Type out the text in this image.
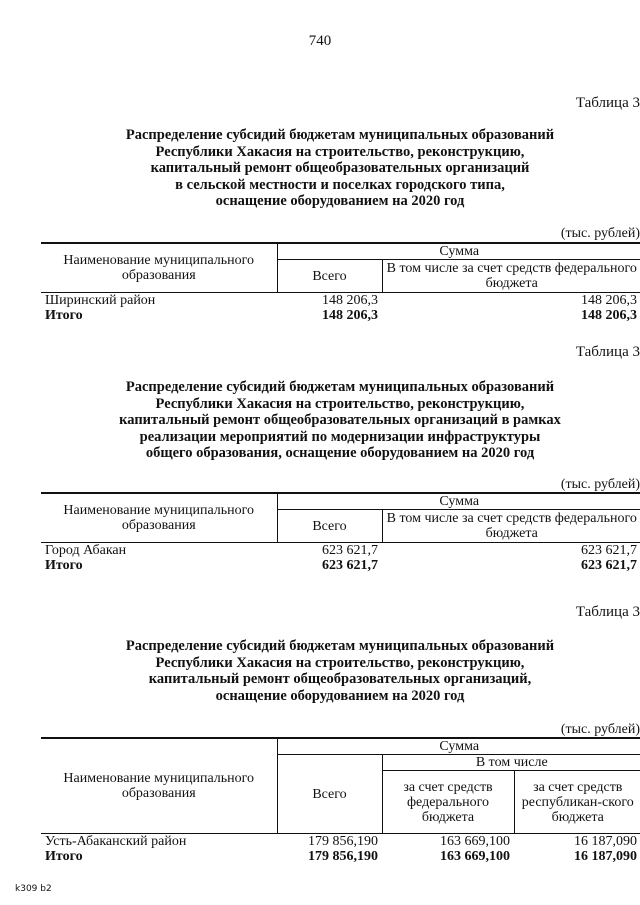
740
Таблица 3
Распределение субсидий бюджетам муниципальных образований
Республики Хакасия на строительство, реконструкцию,
капитальный ремонт общеобразовательных организаций
в сельской местности и поселках городского типа,
оснащение оборудованием на 2020 год
(тыс. рублей)
Наименование муниципального образования	Сумма	
	Всего	В том числе за счет средств федерального бюджета
Ширинский район	148 206,3	148 206,3
Итого	148 206,3	148 206,3
Таблица 3
Распределение субсидий бюджетам муниципальных образований
Республики Хакасия на строительство, реконструкцию,
капитальный ремонт общеобразовательных организаций в рамках
реализации мероприятий по модернизации инфраструктуры
общего образования, оснащение оборудованием на 2020 год
(тыс. рублей)
Наименование муниципального образования	Сумма	
	Всего	В том числе за счет средств федерального бюджета
Город Абакан	623 621,7	623 621,7
Итого	623 621,7	623 621,7
Таблица 3
Распределение субсидий бюджетам муниципальных образований
Республики Хакасия на строительство, реконструкцию,
капитальный ремонт общеобразовательных организаций,
оснащение оборудованием на 2020 год
(тыс. рублей)
Наименование муниципального образования	Сумма		
	Всего	В том числе	
		за счет средств федерального бюджета	за счет средств республикан-ского бюджета
Усть-Абаканский район	179 856,190	163 669,100	16 187,090
Итого	179 856,190	163 669,100	16 187,090
k309 b2
